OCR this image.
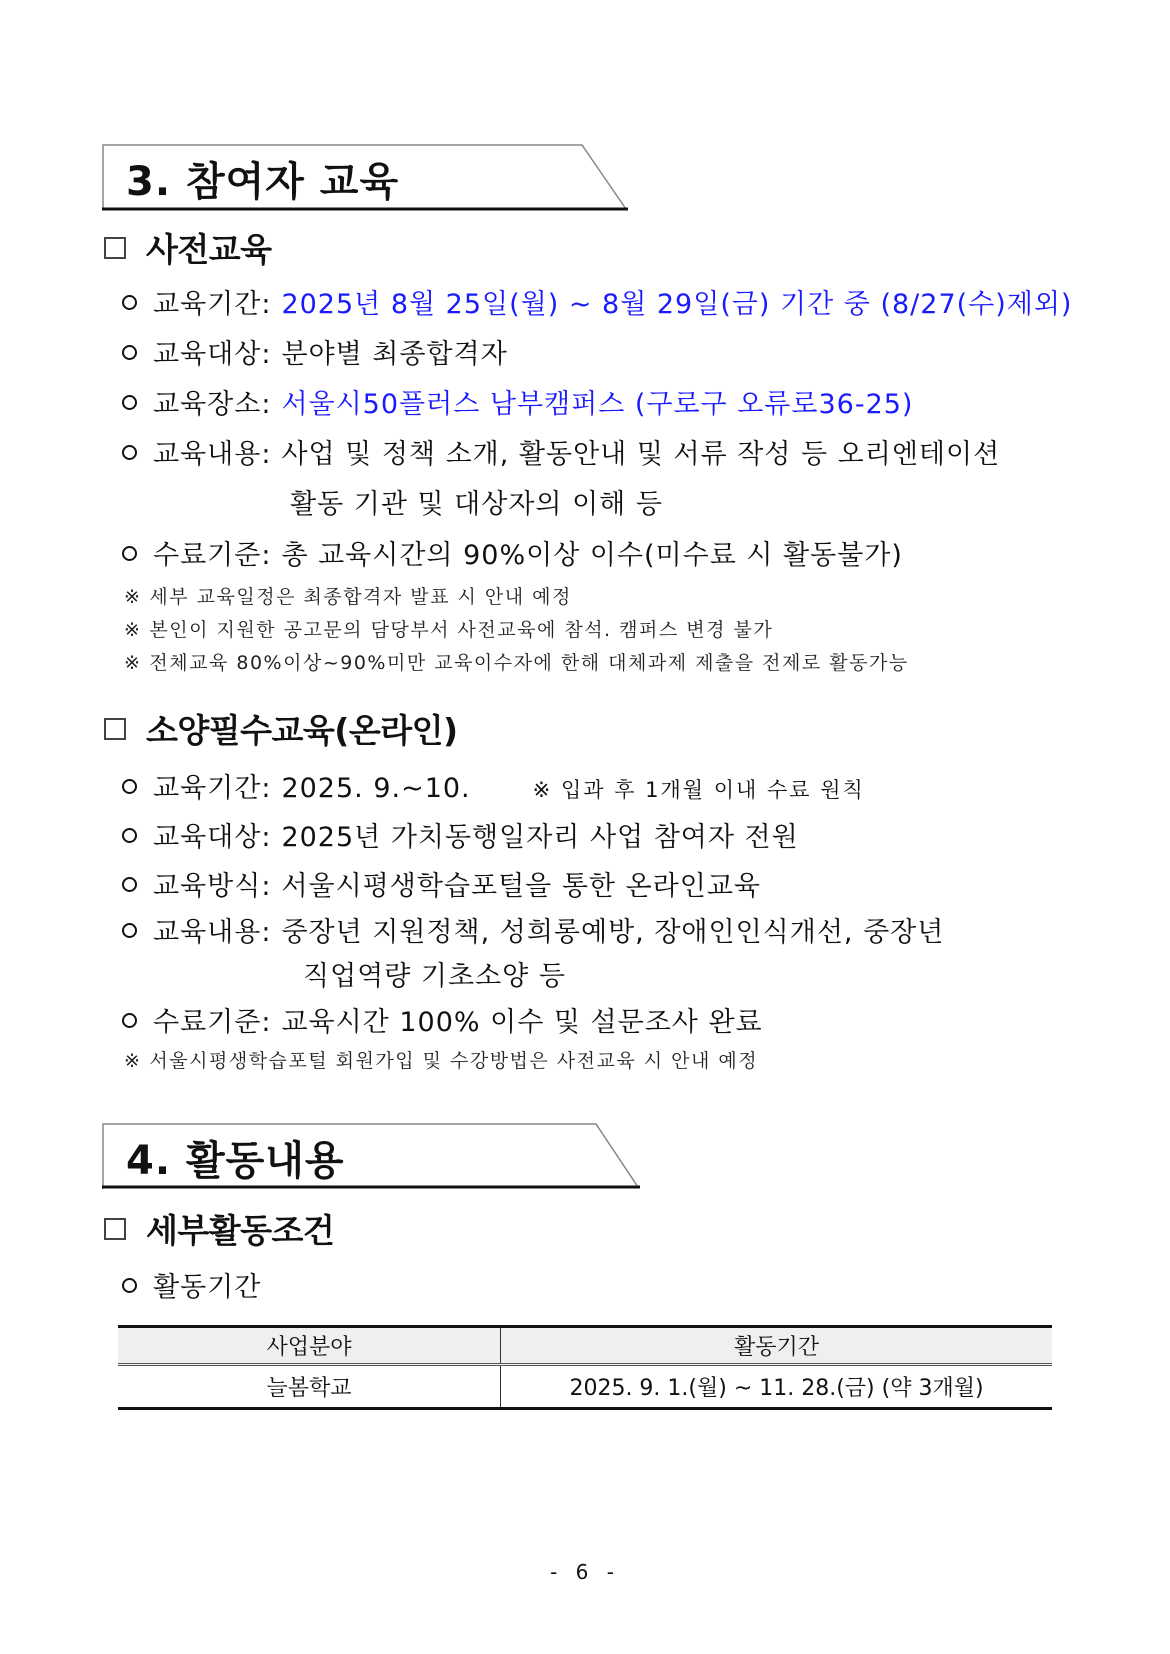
3. 참여자 교육
사전교육
교육기간: 2025년 8월 25일(월) ~ 8월 29일(금) 기간 중 (8/27(수)제외)
교육대상: 분야별 최종합격자
교육장소: 서울시50플러스 남부캠퍼스 (구로구 오류로36-25)
교육내용: 사업 및 정책 소개, 활동안내 및 서류 작성 등 오리엔테이션
활동 기관 및 대상자의 이해 등
수료기준: 총 교육시간의 90%이상 이수(미수료 시 활동불가)
※ 세부 교육일정은 최종합격자 발표 시 안내 예정
※ 본인이 지원한 공고문의 담당부서 사전교육에 참석. 캠퍼스 변경 불가
※ 전체교육 80%이상~90%미만 교육이수자에 한해 대체과제 제출을 전제로 활동가능
소양필수교육(온라인)
교육기간: 2025. 9.~10.	※ 입과 후 1개월 이내 수료 원칙
교육대상: 2025년 가치동행일자리 사업 참여자 전원
교육방식: 서울시평생학습포털을 통한 온라인교육
교육내용: 중장년 지원정책, 성희롱예방, 장애인인식개선, 중장년
직업역량 기초소양 등
수료기준: 교육시간 100% 이수 및 설문조사 완료
※ 서울시평생학습포털 회원가입 및 수강방법은 사전교육 시 안내 예정
4. 활동내용
세부활동조건
활동기간
사업분야	활동기간
늘봄학교	2025. 9. 1.(월) ~ 11. 28.(금) (약 3개월)
- 6 -
